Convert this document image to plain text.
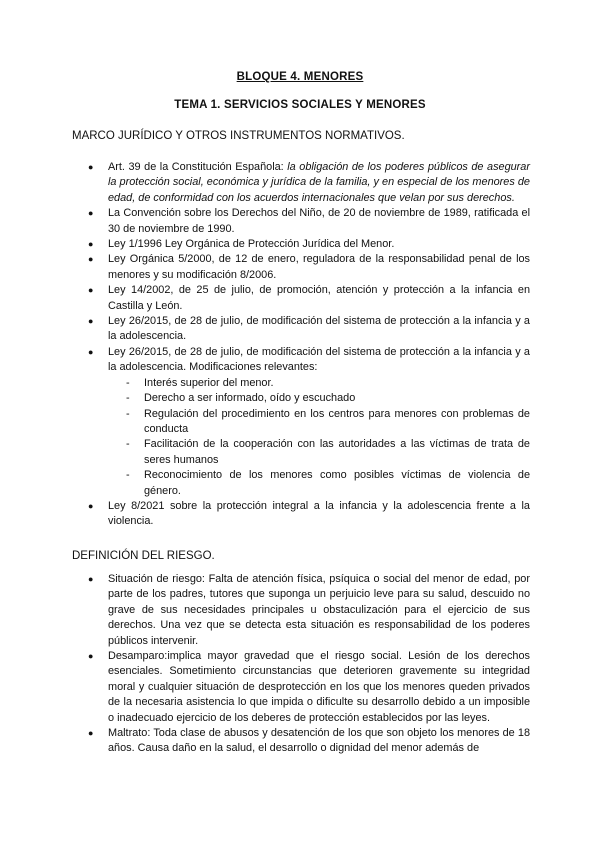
BLOQUE 4. MENORES
TEMA 1. SERVICIOS SOCIALES Y MENORES
MARCO JURÍDICO Y OTROS INSTRUMENTOS NORMATIVOS.
● Art. 39 de la Constitución Española: la obligación de los poderes públicos de asegurar la protección social, económica y jurídica de la familia, y en especial de los menores de edad, de conformidad con los acuerdos internacionales que velan por sus derechos.
● La Convención sobre los Derechos del Niño, de 20 de noviembre de 1989, ratificada el 30 de noviembre de 1990.
● Ley 1/1996 Ley Orgánica de Protección Jurídica del Menor.
● Ley Orgánica 5/2000, de 12 de enero, reguladora de la responsabilidad penal de los menores y su modificación 8/2006.
● Ley 14/2002, de 25 de julio, de promoción, atención y protección a la infancia en Castilla y León.
● Ley 26/2015, de 28 de julio, de modificación del sistema de protección a la infancia y a la adolescencia.
● Ley 26/2015, de 28 de julio, de modificación del sistema de protección a la infancia y a la adolescencia. Modificaciones relevantes:
- Interés superior del menor.
- Derecho a ser informado, oído y escuchado
- Regulación del procedimiento en los centros para menores con problemas de conducta
- Facilitación de la cooperación con las autoridades a las víctimas de trata de seres humanos
- Reconocimiento de los menores como posibles víctimas de violencia de género.
● Ley 8/2021 sobre la protección integral a la infancia y la adolescencia frente a la violencia.
DEFINICIÓN DEL RIESGO.
● Situación de riesgo: Falta de atención física, psíquica o social del menor de edad, por parte de los padres, tutores que suponga un perjuicio leve para su salud, descuido no grave de sus necesidades principales u obstaculización para el ejercicio de sus derechos. Una vez que se detecta esta situación es responsabilidad de los poderes públicos intervenir.
● Desamparo:implica mayor gravedad que el riesgo social. Lesión de los derechos esenciales. Sometimiento circunstancias que deterioren gravemente su integridad moral y cualquier situación de desprotección en los que los menores queden privados de la necesaria asistencia lo que impida o dificulte su desarrollo debido a un imposible o inadecuado ejercicio de los deberes de protección establecidos por las leyes.
● Maltrato: Toda clase de abusos y desatención de los que son objeto los menores de 18 años. Causa daño en la salud, el desarrollo o dignidad del menor además de
